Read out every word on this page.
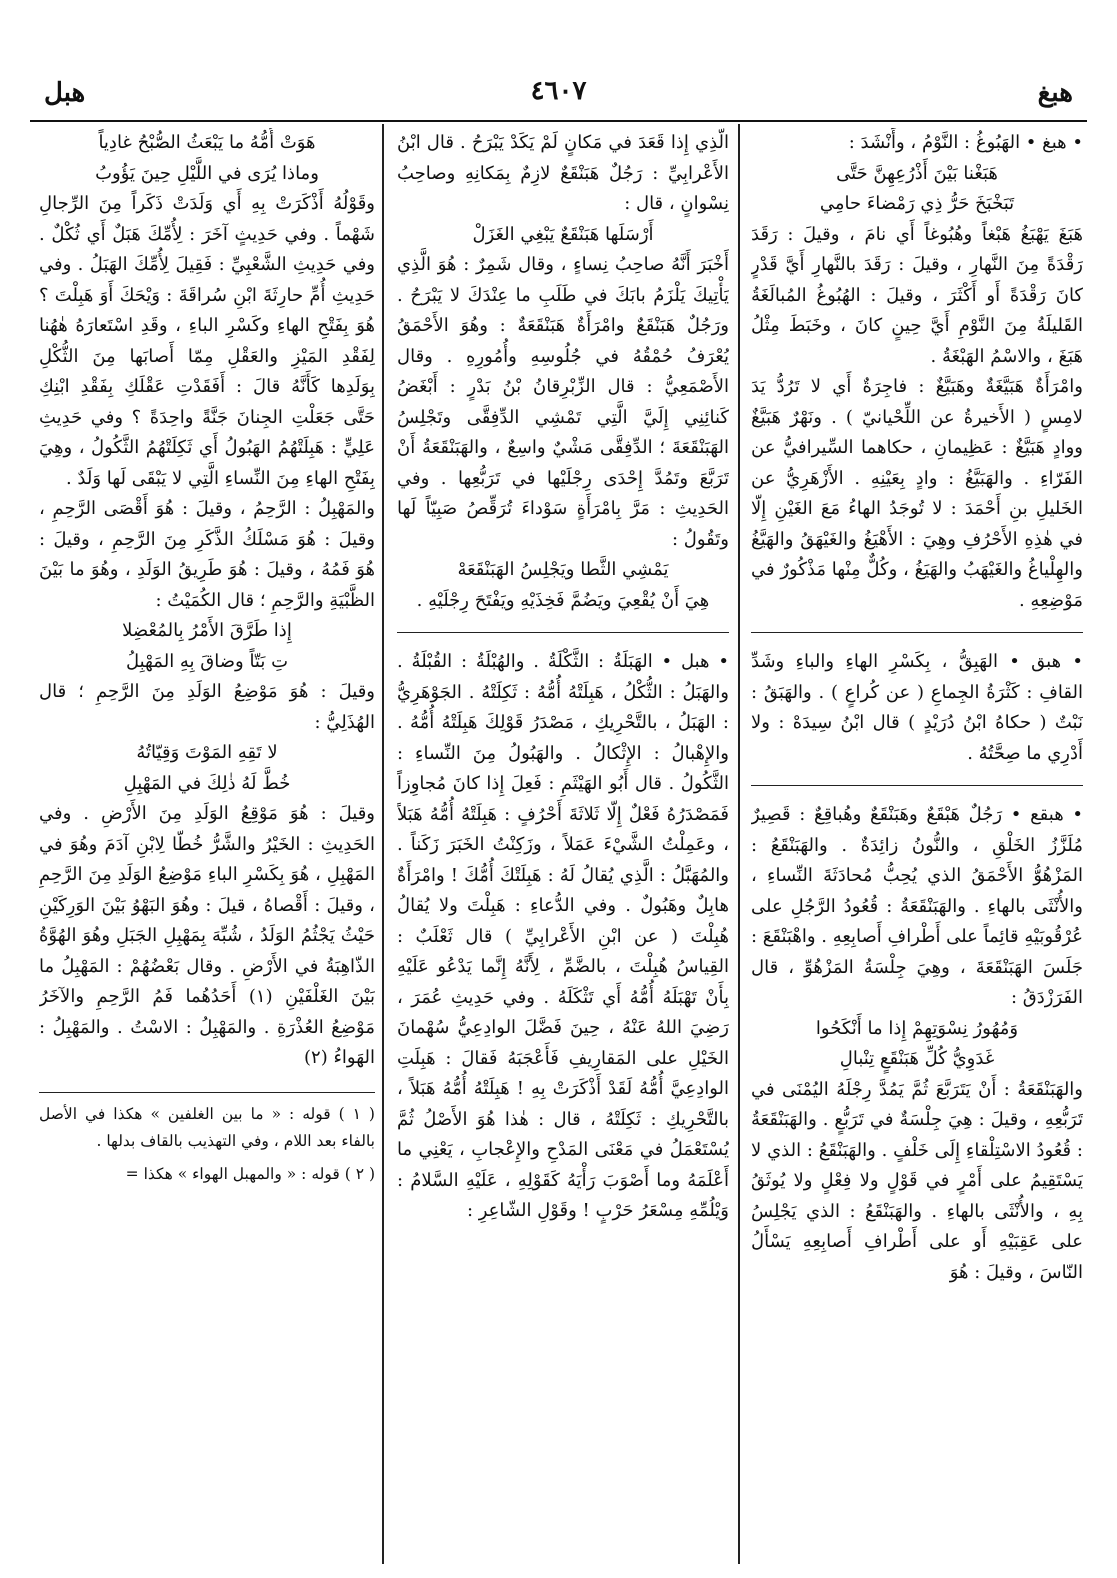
هبغ
٤٦٠٧
هبل

• هبغ • الهَبُوغُ : النَّوْمُ ، وأَنْشَدَ :

هَبَغْنا بَيْنَ أَذْرُعِهِنَّ حَتَّى

تَبَخْبَخَ حَرُّ ذِي رَمْضاءَ حامِي

هَبَغَ يَهْبَغُ هَبْغاً وهُبُوغاً أَي نامَ ، وقيلَ : رَقَدَ رَقْدَةً مِنَ النَّهارِ ، وقيلَ : رَقَدَ بالنَّهارِ أَيَّ قَدْرٍ كانَ رَقْدَةً أَو أَكْثَرَ ، وقيلَ : الهُبُوغُ المُبالَغَةُ القَليلَةُ مِنَ النَّوْمِ أَيَّ حِينٍ كانَ ، وخَبَطَ مِثْلُ هَبَغَ ، والاسْمُ الهَبْغَةُ .

وامْرَأَةٌ هَبَيَّغَةٌ وهَبَيَّغٌ : فاجِرَةٌ أَي لا تَرُدُّ يَدَ لامِسٍ ( الأَخيرةُ عن اللِّحْيانيّ ) . ونَهْرٌ هَبَيَّغٌ ووادٍ هَبَيَّغٌ : عَظِيمانِ ، حكاهما السِّيرافيُّ عن الفَرّاءِ . والهَبَيَّغُ : وادٍ بِعَيْنِهِ . الأَزْهَرِيُّ عن الخَليلِ بنِ أَحْمَدَ : لا تُوجَدُ الهاءُ مَعَ الغَيْنِ إِلّا في هٰذِهِ الأَحْرُفِ وهِيَ : الأَهْيَغُ والغَيْهَقُ والهَيَّغُ والهِلْياغُ والغَيْهَبُ والهَيَغُ ، وكُلٌّ مِنْها مَذْكُورٌ في مَوْضِعِهِ .

• هبق • الهَبِقُّ ، بِكَسْرِ الهاءِ والباءِ وشَدِّ القافِ : كَثْرَةُ الجِماعِ ( عن كُراعٍ ) . والهَبَقُ : نَبْتٌ ( حكاهُ ابْنُ دُرَيْدٍ ) قال ابْنُ سِيدَهْ : ولا أَدْرِي ما صِحَّتُهُ .

• هبقع • رَجُلٌ هَبْقَعٌ وهَبَنْقَعٌ وهُباقِعٌ : قَصِيرٌ مُلَزَّزُ الخَلْقِ ، والنُّونُ زائِدَةٌ . والهَبَنْقَعُ : المَزْهُوُّ الأَحْمَقُ الذي يُحِبُّ مُحادَثَةَ النِّساءِ ، والأُنْثَى بالهاءِ . والهَبَنْقَعَةُ : قُعُودُ الرَّجُلِ على عُرْقُوبَيْهِ قائِماً على أَطْرافِ أَصابِعِهِ . واهْبَنْقَعَ : جَلَسَ الهَبَنْقَعَةَ ، وهِيَ جِلْسَةُ المَزْهُوِّ ، قال الفَرَزْدَقُ :

وَمُهُورُ نِسْوَتِهِمْ إِذا ما أَنْكَحُوا

غَدَوِيُّ كُلِّ هَبَنْقَعٍ تِنْبالِ

والهَبَنْقَعَةُ : أَنْ يَتَرَبَّعَ ثُمَّ يَمُدَّ رِجْلَهُ اليُمْنَى في تَرَبُّعِهِ ، وقيلَ : هِيَ جِلْسَةٌ في تَرَبُّعٍ . والهَبَنْقَعَةُ : قُعُودُ الاسْتِلْقاءِ إِلَى خَلْفٍ . والهَبَنْقَعُ : الذي لا يَسْتَقِيمُ على أَمْرٍ في قَوْلٍ ولا فِعْلٍ ولا يُوثَقُ بِهِ ، والأُنْثَى بالهاءِ . والهَبَنْقَعُ : الذي يَجْلِسُ على عَقِبَيْهِ أَو على أَطْرافِ أَصابِعِهِ يَسْأَلُ النّاسَ ، وقيلَ : هُوَ

الَّذِي إِذا قَعَدَ في مَكانٍ لَمْ يَكَدْ يَبْرَحُ . قال ابْنُ الأَعْرابِيِّ : رَجُلٌ هَبَنْقَعٌ لازِمٌ بِمَكانِهِ وصاحِبُ نِسْوانٍ ، قال :

أَرْسَلَها هَبَنْقَعٌ يَبْغِي الغَزَلْ

أَخْبَرَ أَنَّهُ صاحِبُ نِساءٍ ، وقال شَمِرٌ : هُوَ الَّذِي يَأْتِيكَ يَلْزَمُ بابَكَ في طَلَبِ ما عِنْدَكَ لا يَبْرَحُ . ورَجُلٌ هَبَنْقَعٌ وامْرَأَةٌ هَبَنْقَعَةٌ : وهُوَ الأَحْمَقُ يُعْرَفُ حُمْقُهُ في جُلُوسِهِ وأُمُورِهِ . وقال الأَصْمَعِيُّ : قال الزِّبْرِقانُ بْنُ بَدْرٍ : أَبْغَضُ كَنائِنِي إِلَيَّ الَّتِي تَمْشِي الدِّفِقَّى وتَجْلِسُ الهَبَنْقَعَةَ ؛ الدِّفِقَّى مَشْيٌ واسِعٌ ، والهَبَنْقَعَةُ أَنْ تَرَبَّعَ وتَمُدَّ إِحْدَى رِجْلَيْها في تَرَبُّعِها . وفي الحَدِيثِ : مَرَّ بِامْرَأَةٍ سَوْداءَ تُرَقِّصُ صَبِيّاً لَها وتَقُولُ :

يَمْشِي الثَّطا ويَجْلِسُ الهَبَنْقَعَهْ

هِيَ أَنْ يُقْعِيَ ويَضُمَّ فَخِذَيْهِ ويَفْتَحَ رِجْلَيْهِ .

• هبل • الهَبَلَةُ : الثَّكْلَةُ . والهُبْلَةُ : القُبْلَةُ . والهَبَلُ : الثُّكْلُ ، هَبِلَتْهُ أُمُّهُ : ثَكِلَتْهُ . الجَوْهَرِيُّ : الهَبَلُ ، بالتَّحْرِيكِ ، مَصْدَرُ قَوْلِكَ هَبِلَتْهُ أُمُّهُ . والإِهْبالُ : الإِثْكالُ . والهَبُولُ مِنَ النِّساءِ : الثَّكُولُ . قال أَبُو الهَيْثَمِ : فَعِلَ إِذا كانَ مُجاوِزاً فَمَصْدَرُهُ فَعْلٌ إِلّا ثَلاثَةَ أَحْرُفٍ : هَبِلَتْهُ أُمُّهُ هَبَلاً ، وعَمِلْتُ الشَّيْءَ عَمَلاً ، وزَكِنْتُ الخَبَرَ زَكَناً . والمُهَبَّلُ : الَّذِي يُقالُ لَهُ : هَبِلَتْكَ أُمُّكَ ! وامْرَأَةٌ هابِلٌ وهَبُولٌ . وفي الدُّعاءِ : هَبِلْتَ ولا يُقالُ هُبِلْتَ ( عن ابْنِ الأَعْرابِيِّ ) قال ثَعْلَبٌ : القِياسُ هُبِلْتَ ، بالضَّمِّ ، لِأَنَّهُ إِنَّما يَدْعُو عَلَيْهِ بِأَنْ تَهْبَلَهُ أُمُّهُ أَي تَثْكَلَهُ . وفي حَدِيثِ عُمَرَ ، رَضِيَ اللهُ عَنْهُ ، حِينَ فَضَّلَ الوادِعِيُّ سُهْمانَ الخَيْلِ على المَقارِيفِ فَأَعْجَبَهُ فَقالَ : هَبِلَتِ الوادِعِيَّ أُمُّهُ لَقَدْ أَذْكَرَتْ بِهِ ! هَبِلَتْهُ أُمُّهُ هَبَلاً ، بالتَّحْرِيكِ : ثَكِلَتْهُ ، قال : هٰذا هُوَ الأَصْلُ ثُمَّ يُسْتَعْمَلُ في مَعْنَى المَدْحِ والإِعْجابِ ، يَعْنِي ما أَعْلَمَهُ وما أَصْوَبَ رَأْيَهُ كَقَوْلِهِ ، عَلَيْهِ السَّلامُ : وَيْلُمِّهِ مِسْعَرُ حَرْبٍ ! وقَوْلِ الشّاعِرِ :

هَوَتْ أُمُّهُ ما يَبْعَثُ الصُّبْحُ غادِياً

وماذا يُرَى في اللَّيْلِ حِينَ يَؤُوبُ

وقَوْلُهُ أَذْكَرَتْ بِهِ أَي وَلَدَتْ ذَكَراً مِنَ الرِّجالِ شَهْماً . وفي حَدِيثٍ آخَرَ : لِأُمِّكَ هَبَلٌ أَي ثُكْلٌ . وفي حَدِيثِ الشَّعْبِيِّ : فَقِيلَ لِأُمِّكَ الهَبَلُ . وفي حَدِيثِ أُمِّ حارِثَةَ ابْنِ سُراقَةَ : وَيْحَكَ أَوَ هَبِلْتَ ؟ هُوَ بِفَتْحِ الهاءِ وكَسْرِ الباءِ ، وقَدِ اسْتَعارَهُ هٰهُنا لِفَقْدِ المَيْزِ والعَقْلِ مِمّا أَصابَها مِنَ الثُّكْلِ بِوَلَدِها كَأَنَّهُ قالَ : أَفَقَدْتِ عَقْلَكِ بِفَقْدِ ابْنِكِ حَتَّى جَعَلْتِ الجِنانَ جَنَّةً واحِدَةً ؟ وفي حَدِيثِ عَلِيٍّ : هَبِلَتْهُمُ الهَبُولُ أَي ثَكِلَتْهُمُ الثَّكُولُ ، وهِيَ بِفَتْحِ الهاءِ مِنَ النِّساءِ الَّتِي لا يَبْقَى لَها وَلَدٌ .

والمَهْبِلُ : الرَّحِمُ ، وقيلَ : هُوَ أَقْصَى الرَّحِمِ ، وقيلَ : هُوَ مَسْلَكُ الذَّكَرِ مِنَ الرَّحِمِ ، وقيلَ : هُوَ فَمُهُ ، وقيلَ : هُوَ طَرِيقُ الوَلَدِ ، وهُوَ ما بَيْنَ الظَّبْيَةِ والرَّحِمِ ؛ قال الكُمَيْتُ :

إِذا طَرَّقَ الأَمْرُ بِالمُعْضِلا

تِ بَتّاً وضاقَ بِهِ المَهْبِلُ

وقيلَ : هُوَ مَوْضِعُ الوَلَدِ مِنَ الرَّحِمِ ؛ قال الهُذَلِيُّ :

لا تَقِهِ المَوْتَ وَقِيّاتُهُ

خُطَّ لَهُ ذٰلِكَ في المَهْبِلِ

وقيلَ : هُوَ مَوْقِعُ الوَلَدِ مِنَ الأَرْضِ . وفي الحَدِيثِ : الخَيْرُ والشَّرُّ خُطّا لِابْنِ آدَمَ وهُوَ في المَهْبِلِ ، هُوَ بِكَسْرِ الباءِ مَوْضِعُ الوَلَدِ مِنَ الرَّحِمِ ، وقيلَ : أَقْصاهُ ، قيلَ : وهُوَ البَهْوُ بَيْنَ الوَرِكَيْنِ حَيْثُ يَجْثُمُ الوَلَدُ ، شُبِّهَ بِمَهْبِلِ الجَبَلِ وهُوَ الهُوَّةُ الذّاهِبَةُ في الأَرْضِ . وقال بَعْضُهُمْ : المَهْبِلُ ما بَيْنَ الغَلْفَيْنِ (١) أَحَدُهُما فَمُ الرَّحِمِ والآخَرُ مَوْضِعُ العُذْرَةِ . والمَهْبِلُ : الاسْتُ . والمَهْبِلُ : الهَواءُ (٢)

( ١ ) قوله : « ما بين الغلفين » هكذا في الأصل بالفاء بعد اللام ، وفي التهذيب بالقاف بدلها .

( ٢ ) قوله : « والمهبل الهواء » هكذا =
